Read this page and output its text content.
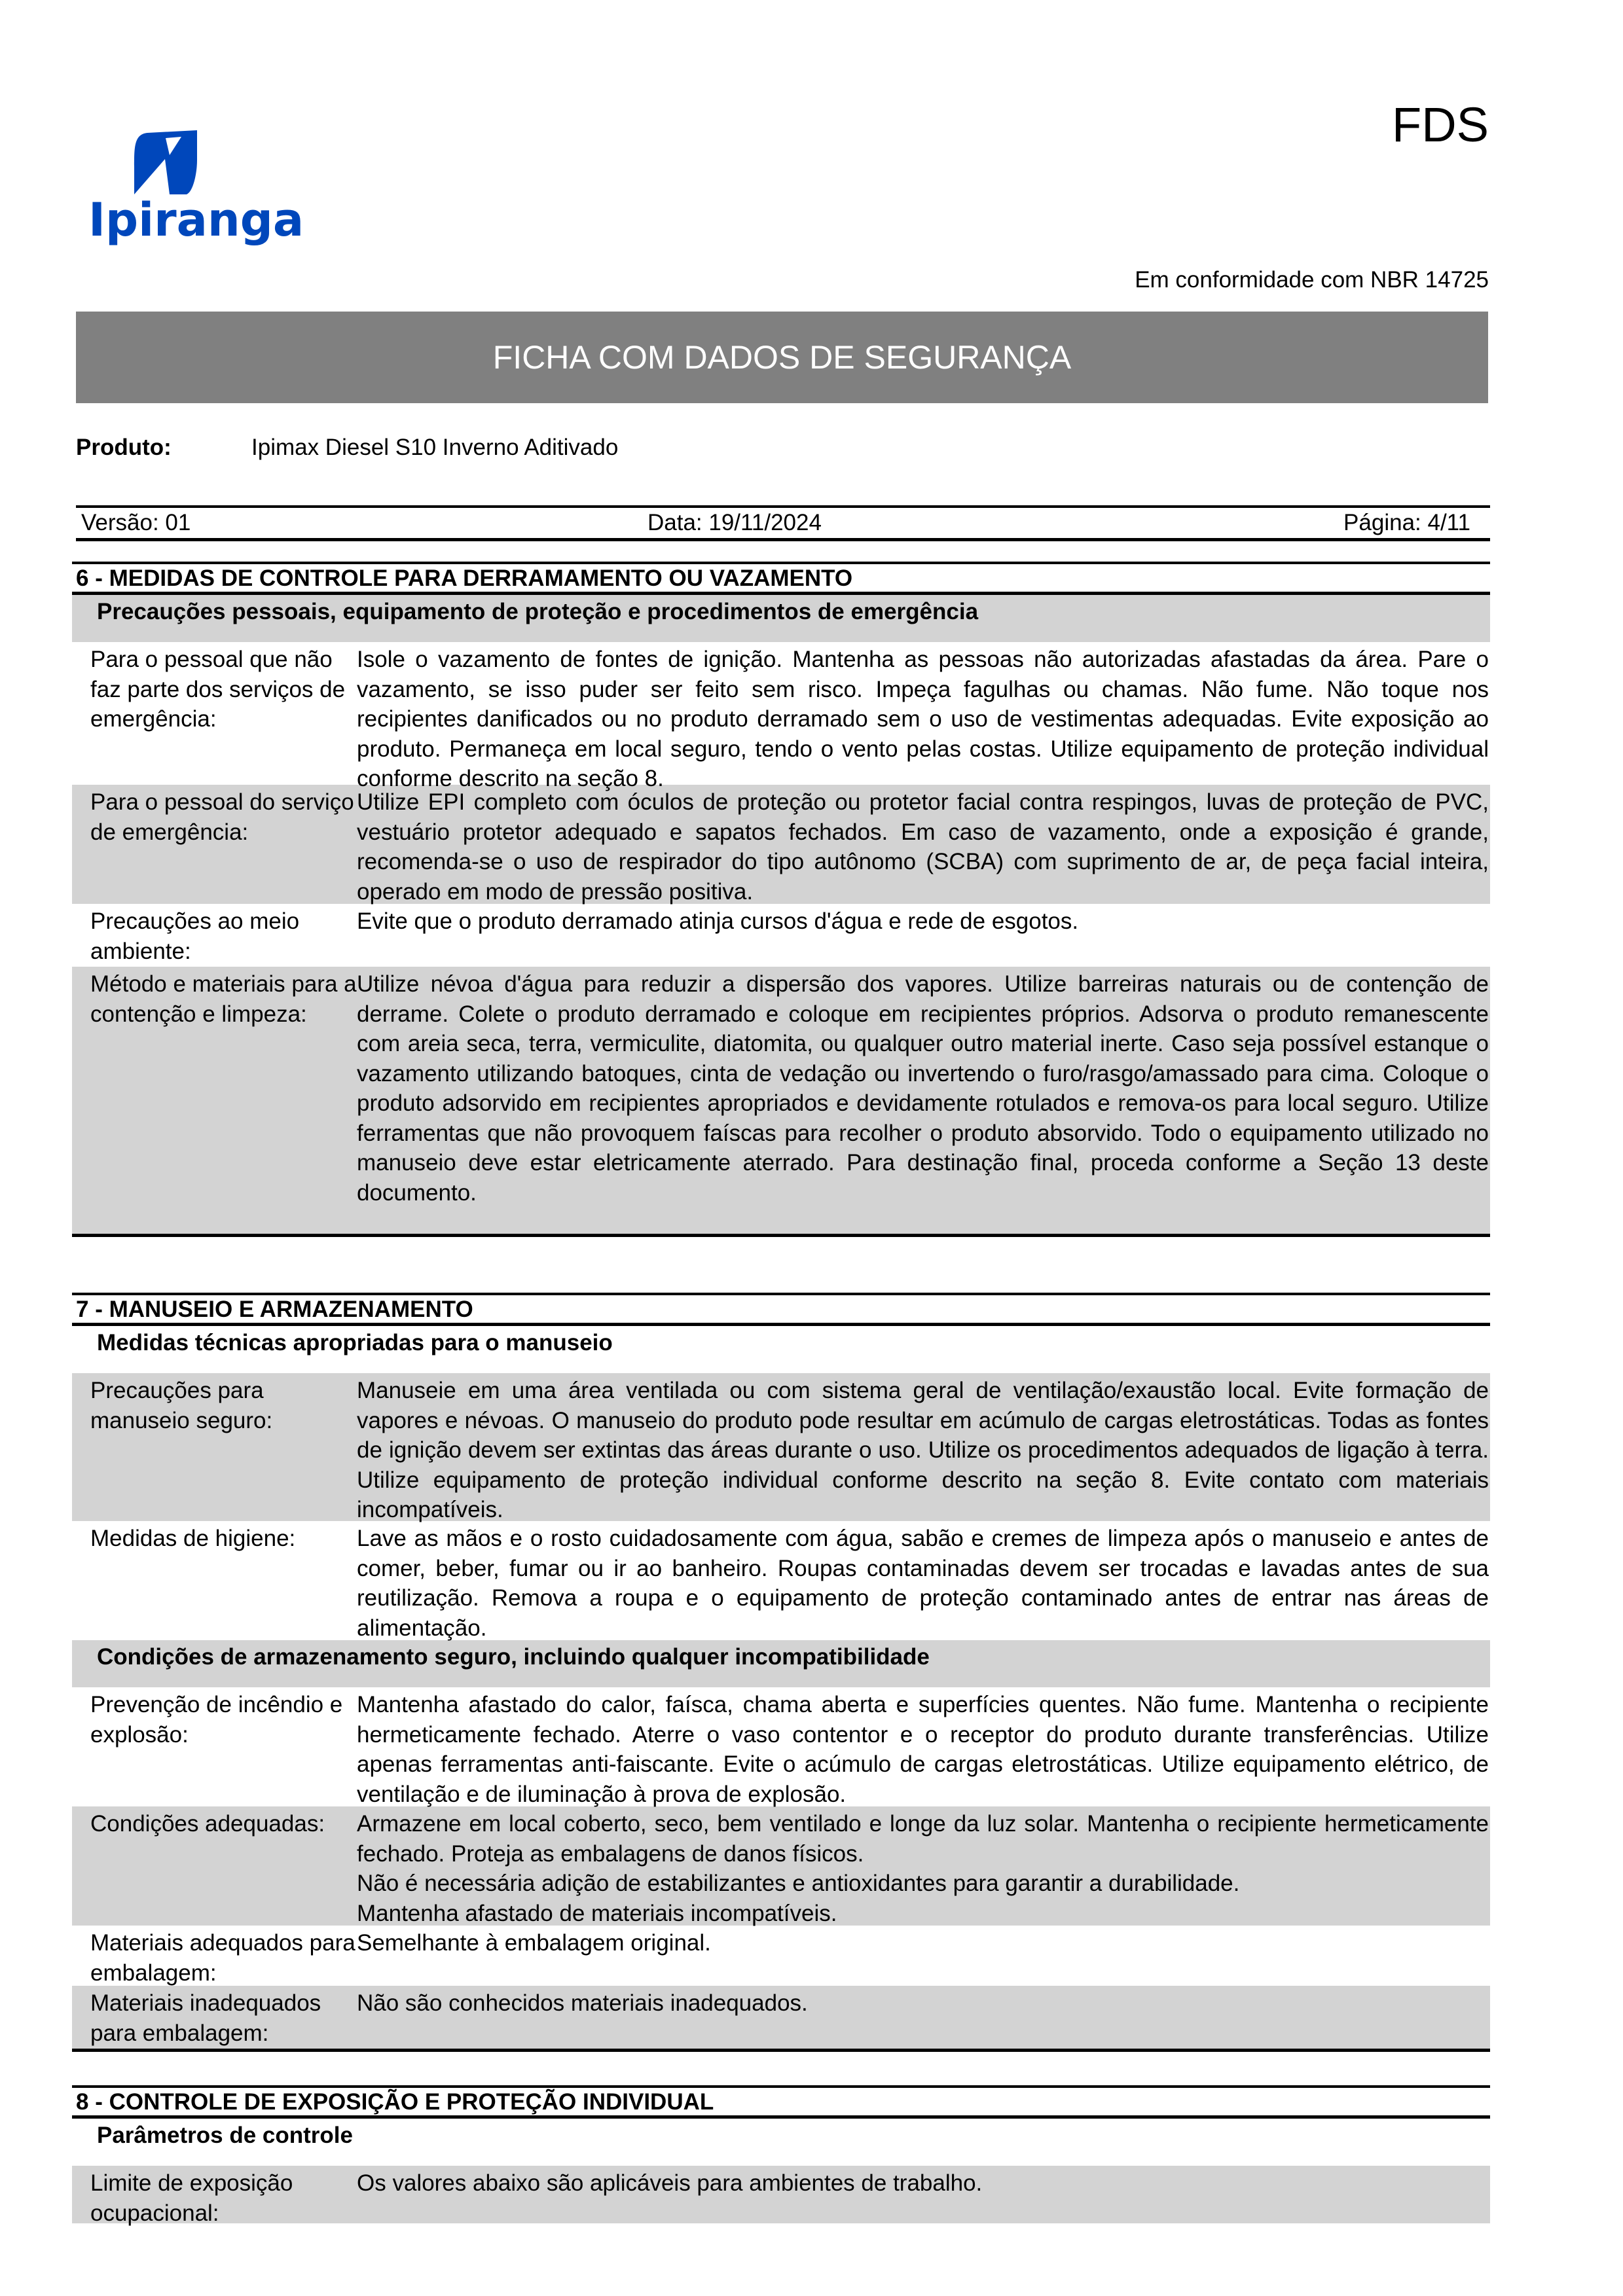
Ipiranga
FDS
Em conformidade com NBR 14725
FICHA COM DADOS DE SEGURANÇA
Produto:	Ipimax Diesel S10 Inverno Aditivado
Versão: 01	Data: 19/11/2024	Página: 4/11
6 - MEDIDAS DE CONTROLE PARA DERRAMAMENTO OU VAZAMENTO
Precauções pessoais, equipamento de proteção e procedimentos de emergência
Para o pessoal que não faz parte dos serviços de emergência:
Isole o vazamento de fontes de ignição. Mantenha as pessoas não autorizadas afastadas da área. Pare o vazamento, se isso puder ser feito sem risco. Impeça fagulhas ou chamas. Não fume. Não toque nos recipientes danificados ou no produto derramado sem o uso de vestimentas adequadas. Evite exposição ao produto. Permaneça em local seguro, tendo o vento pelas costas. Utilize equipamento de proteção individual conforme descrito na seção 8.
Para o pessoal do serviço de emergência:
Utilize EPI completo com óculos de proteção ou protetor facial contra respingos, luvas de proteção de PVC, vestuário protetor adequado e sapatos fechados. Em caso de vazamento, onde a exposição é grande, recomenda-se o uso de respirador do tipo autônomo (SCBA) com suprimento de ar, de peça facial inteira, operado em modo de pressão positiva.
Precauções ao meio ambiente:
Evite que o produto derramado atinja cursos d'água e rede de esgotos.
Método e materiais para a contenção e limpeza:
Utilize névoa d'água para reduzir a dispersão dos vapores. Utilize barreiras naturais ou de contenção de derrame. Colete o produto derramado e coloque em recipientes próprios. Adsorva o produto remanescente com areia seca, terra, vermiculite, diatomita, ou qualquer outro material inerte. Caso seja possível estanque o vazamento utilizando batoques, cinta de vedação ou invertendo o furo/rasgo/amassado para cima. Coloque o produto adsorvido em recipientes apropriados e devidamente rotulados e remova-os para local seguro. Utilize ferramentas que não provoquem faíscas para recolher o produto absorvido. Todo o equipamento utilizado no manuseio deve estar eletricamente aterrado. Para destinação final, proceda conforme a Seção 13 deste documento.
7 - MANUSEIO E ARMAZENAMENTO
Medidas técnicas apropriadas para o manuseio
Precauções para manuseio seguro:
Manuseie em uma área ventilada ou com sistema geral de ventilação/exaustão local. Evite formação de vapores e névoas. O manuseio do produto pode resultar em acúmulo de cargas eletrostáticas. Todas as fontes de ignição devem ser extintas das áreas durante o uso. Utilize os procedimentos adequados de ligação à terra. Utilize equipamento de proteção individual conforme descrito na seção 8. Evite contato com materiais incompatíveis.
Medidas de higiene:	Lave as mãos e o rosto cuidadosamente com água, sabão e cremes de limpeza após o manuseio e antes de comer, beber, fumar ou ir ao banheiro. Roupas contaminadas devem ser trocadas e lavadas antes de sua reutilização. Remova a roupa e o equipamento de proteção contaminado antes de entrar nas áreas de alimentação.
Condições de armazenamento seguro, incluindo qualquer incompatibilidade
Prevenção de incêndio e explosão:
Mantenha afastado do calor, faísca, chama aberta e superfícies quentes. Não fume. Mantenha o recipiente hermeticamente fechado. Aterre o vaso contentor e o receptor do produto durante transferências. Utilize apenas ferramentas anti-faiscante. Evite o acúmulo de cargas eletrostáticas. Utilize equipamento elétrico, de ventilação e de iluminação à prova de explosão.
Condições adequadas:	Armazene em local coberto, seco, bem ventilado e longe da luz solar. Mantenha o recipiente hermeticamente fechado. Proteja as embalagens de danos físicos.

Não é necessária adição de estabilizantes e antioxidantes para garantir a durabilidade.

Mantenha afastado de materiais incompatíveis.

Materiais adequados para embalagem:
Semelhante à embalagem original.
Materiais inadequados para embalagem:
Não são conhecidos materiais inadequados.
8 - CONTROLE DE EXPOSIÇÃO E PROTEÇÃO INDIVIDUAL
Parâmetros de controle
Limite de exposição ocupacional:
Os valores abaixo são aplicáveis para ambientes de trabalho.
